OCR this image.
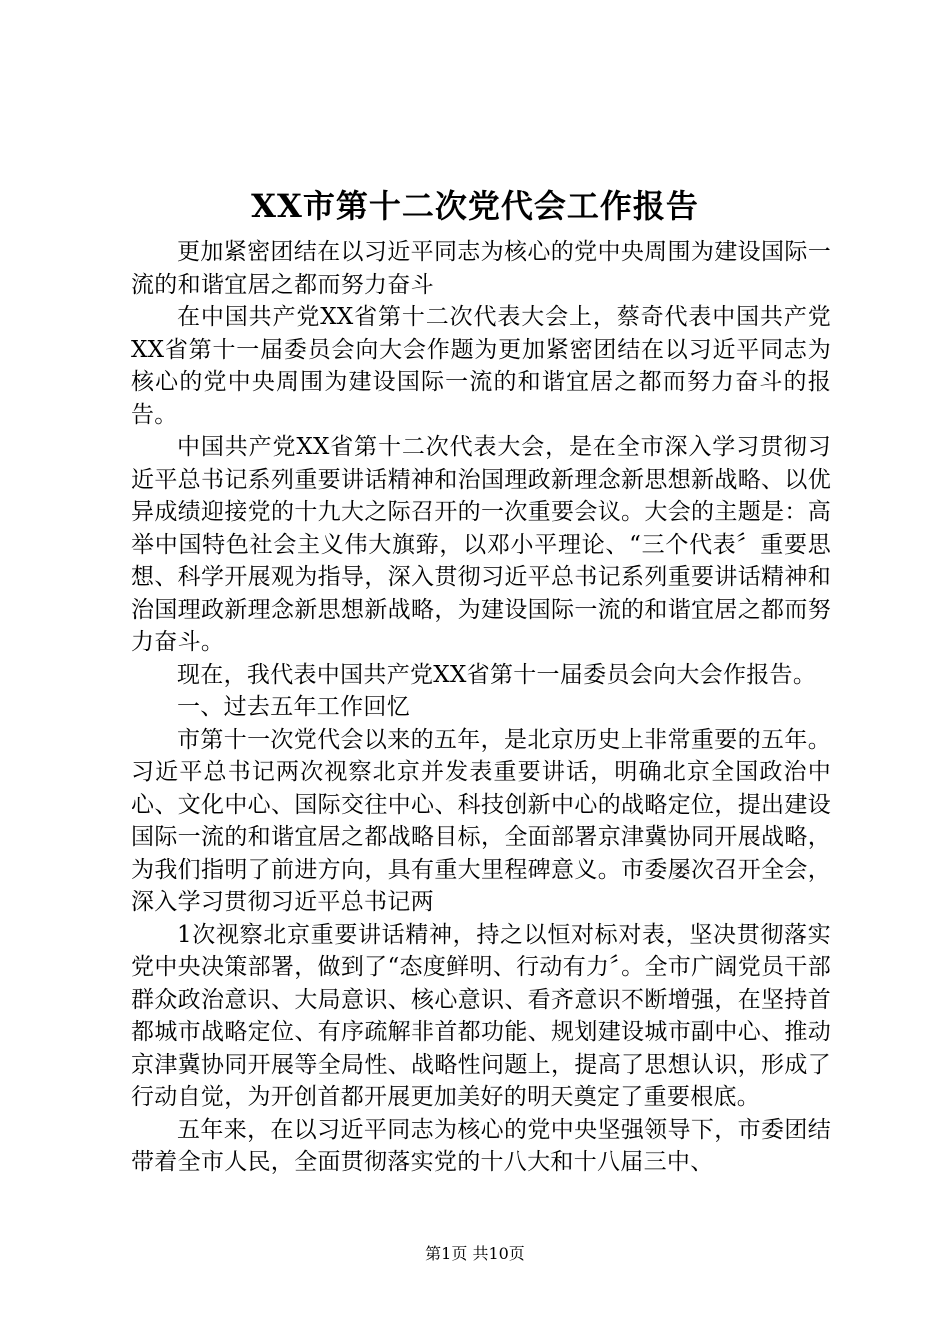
XX市第十二次党代会工作报告

更加紧密团结在以习近平同志为核心的党中央周围为建设国际一流的和谐宜居之都而努力奋斗

在中国共产党XX省第十二次代表大会上，蔡奇代表中国共产党XX省第十一届委员会向大会作题为更加紧密团结在以习近平同志为核心的党中央周围为建设国际一流的和谐宜居之都而努力奋斗的报告。

中国共产党XX省第十二次代表大会，是在全市深入学习贯彻习近平总书记系列重要讲话精神和治国理政新理念新思想新战略、以优异成绩迎接党的十九大之际召开的一次重要会议。大会的主题是：高举中国特色社会主义伟大旗臶，以邓小平理论、“三个代表〞重要思想、科学开展观为指导，深入贯彻习近平总书记系列重要讲话精神和治国理政新理念新思想新战略，为建设国际一流的和谐宜居之都而努力奋斗。

现在，我代表中国共产党XX省第十一届委员会向大会作报告。

一、过去五年工作回忆

市第十一次党代会以来的五年，是北京历史上非常重要的五年。习近平总书记两次视察北京并发表重要讲话，明确北京全国政治中心、文化中心、国际交往中心、科技创新中心的战略定位，提出建设国际一流的和谐宜居之都战略目标，全面部署京津冀协同开展战略，为我们指明了前进方向，具有重大里程碑意义。市委屡次召开全会，深入学习贯彻习近平总书记两

1次视察北京重要讲话精神，持之以恒对标对表，坚决贯彻落实党中央决策部署，做到了“态度鲜明、行动有力〞。全市广阔党员干部群众政治意识、大局意识、核心意识、看齐意识不断增强，在坚持首都城市战略定位、有序疏解非首都功能、规划建设城市副中心、推动京津冀协同开展等全局性、战略性问题上，提高了思想认识，形成了行动自觉，为开创首都开展更加美好的明天奠定了重要根底。

五年来，在以习近平同志为核心的党中央坚强领导下，市委团结带着全市人民，全面贯彻落实党的十八大和十八届三中、

第1页 共10页
